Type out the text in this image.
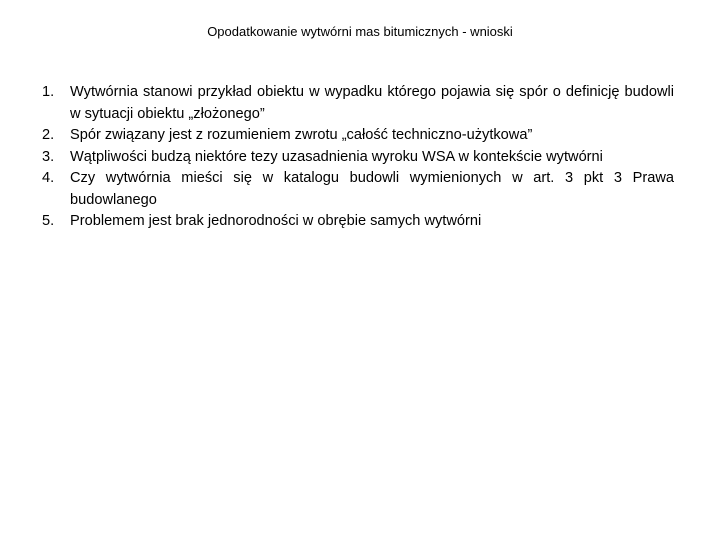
Opodatkowanie wytwórni mas bitumicznych - wnioski
1. Wytwórnia stanowi przykład obiektu w wypadku którego pojawia się spór o definicję budowli w sytuacji obiektu „złożonego”
2. Spór związany jest z rozumieniem zwrotu „całość techniczno-użytkowa”
3. Wątpliwości budzą niektóre tezy uzasadnienia wyroku WSA w kontekście wytwórni
4. Czy wytwórnia mieści się w katalogu budowli wymienionych w art. 3 pkt 3 Prawa budowlanego
5. Problemem jest brak jednorodności w obrębie samych wytwórni
